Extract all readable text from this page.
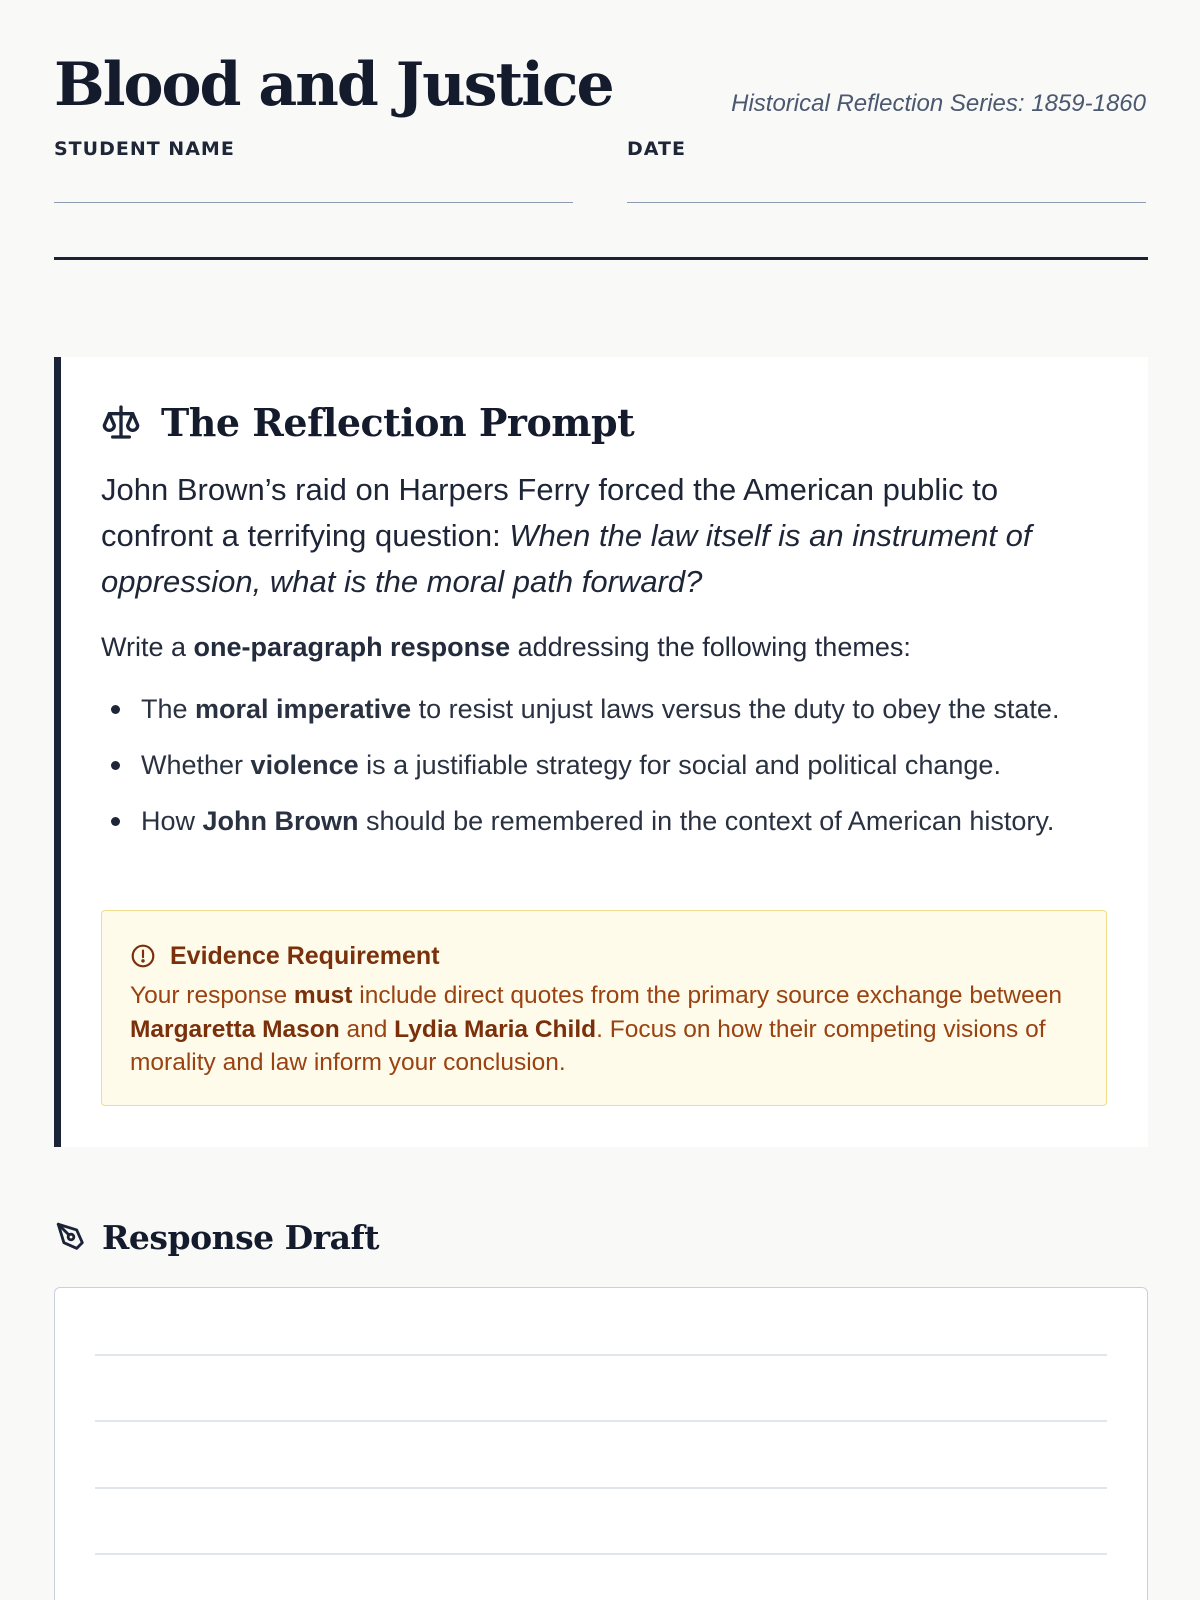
Blood and Justice	Historical Reflection Series: 1859-1860
STUDENT NAME	DATE
The Reflection Prompt

John Brown’s raid on Harpers Ferry forced the American public to confront a terrifying question: When the law itself is an instrument of oppression, what is the moral path forward?

Write a one-paragraph response addressing the following themes:

The moral imperative to resist unjust laws versus the duty to obey the state.
Whether violence is a justifiable strategy for social and political change.
How John Brown should be remembered in the context of American history.
Evidence Requirement

Your response must include direct quotes from the primary source exchange between Margaretta Mason and Lydia Maria Child. Focus on how their competing visions of morality and law inform your conclusion.

Response Draft
